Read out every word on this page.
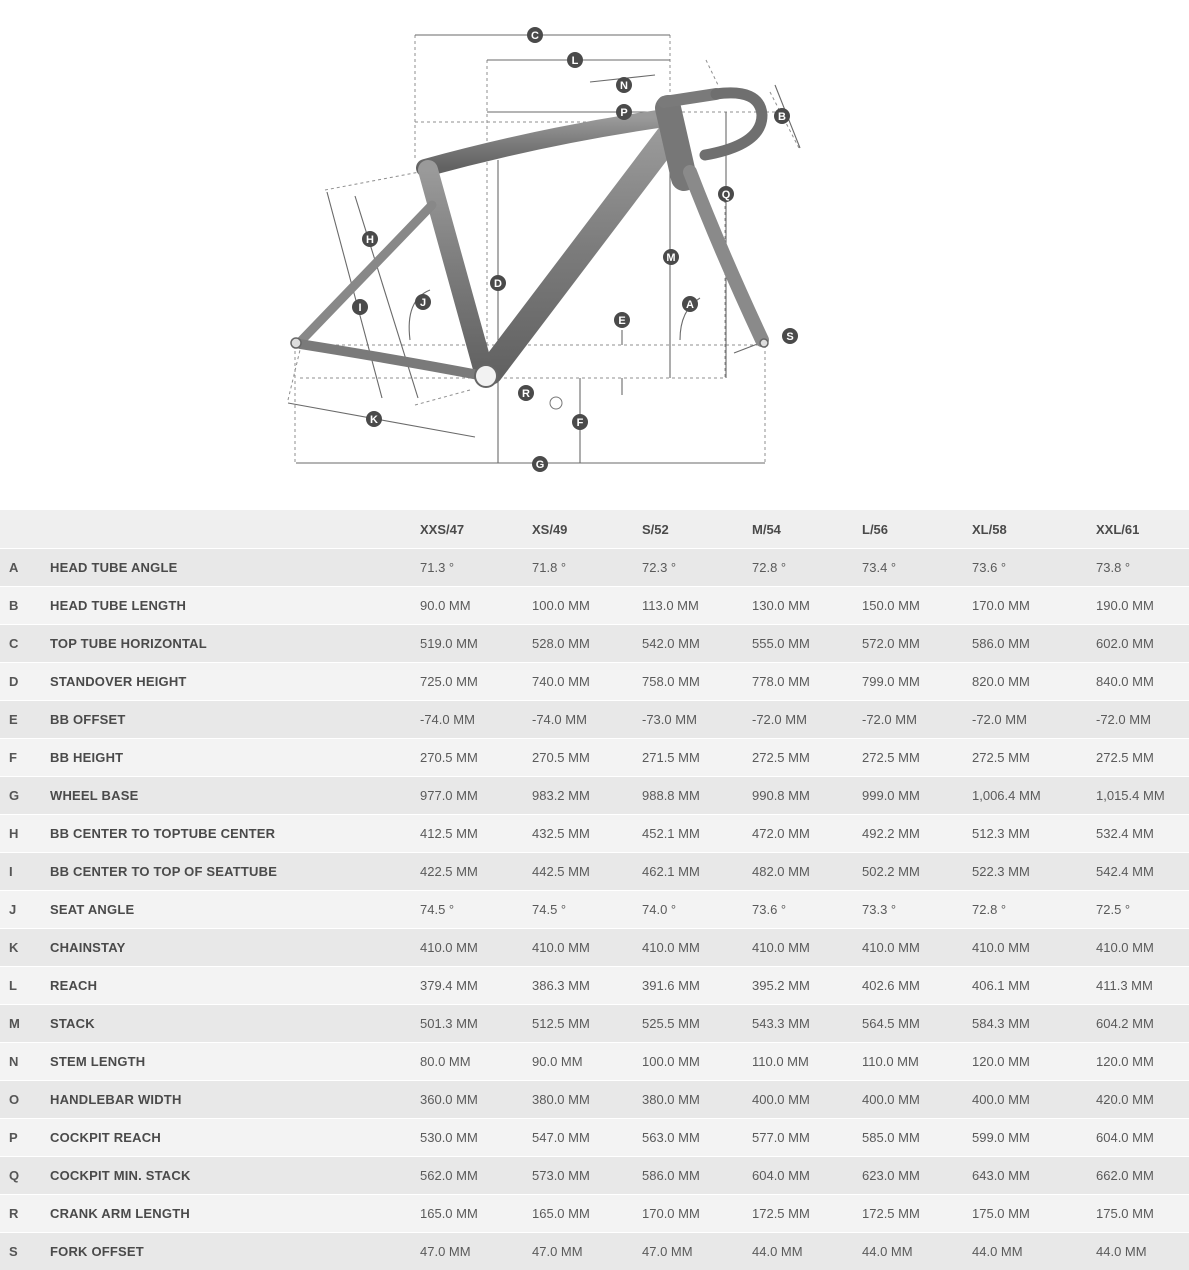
A
B
C
D
E
F
G
H
I	J
K
L
M
N
P
Q
R
S
		XXS/47	XS/49	S/52	M/54	L/56	XL/58	XXL/61
A	HEAD TUBE ANGLE	71.3 °	71.8 °	72.3 °	72.8 °	73.4 °	73.6 °	73.8 °
B	HEAD TUBE LENGTH	90.0 MM	100.0 MM	113.0 MM	130.0 MM	150.0 MM	170.0 MM	190.0 MM
C	TOP TUBE HORIZONTAL	519.0 MM	528.0 MM	542.0 MM	555.0 MM	572.0 MM	586.0 MM	602.0 MM
D	STANDOVER HEIGHT	725.0 MM	740.0 MM	758.0 MM	778.0 MM	799.0 MM	820.0 MM	840.0 MM
E	BB OFFSET	-74.0 MM	-74.0 MM	-73.0 MM	-72.0 MM	-72.0 MM	-72.0 MM	-72.0 MM
F	BB HEIGHT	270.5 MM	270.5 MM	271.5 MM	272.5 MM	272.5 MM	272.5 MM	272.5 MM
G	WHEEL BASE	977.0 MM	983.2 MM	988.8 MM	990.8 MM	999.0 MM	1,006.4 MM	1,015.4 MM
H	BB CENTER TO TOPTUBE CENTER	412.5 MM	432.5 MM	452.1 MM	472.0 MM	492.2 MM	512.3 MM	532.4 MM
I	BB CENTER TO TOP OF SEATTUBE	422.5 MM	442.5 MM	462.1 MM	482.0 MM	502.2 MM	522.3 MM	542.4 MM
J	SEAT ANGLE	74.5 °	74.5 °	74.0 °	73.6 °	73.3 °	72.8 °	72.5 °
K	CHAINSTAY	410.0 MM	410.0 MM	410.0 MM	410.0 MM	410.0 MM	410.0 MM	410.0 MM
L	REACH	379.4 MM	386.3 MM	391.6 MM	395.2 MM	402.6 MM	406.1 MM	411.3 MM
M	STACK	501.3 MM	512.5 MM	525.5 MM	543.3 MM	564.5 MM	584.3 MM	604.2 MM
N	STEM LENGTH	80.0 MM	90.0 MM	100.0 MM	110.0 MM	110.0 MM	120.0 MM	120.0 MM
O	HANDLEBAR WIDTH	360.0 MM	380.0 MM	380.0 MM	400.0 MM	400.0 MM	400.0 MM	420.0 MM
P	COCKPIT REACH	530.0 MM	547.0 MM	563.0 MM	577.0 MM	585.0 MM	599.0 MM	604.0 MM
Q	COCKPIT MIN. STACK	562.0 MM	573.0 MM	586.0 MM	604.0 MM	623.0 MM	643.0 MM	662.0 MM
R	CRANK ARM LENGTH	165.0 MM	165.0 MM	170.0 MM	172.5 MM	172.5 MM	175.0 MM	175.0 MM
S	FORK OFFSET	47.0 MM	47.0 MM	47.0 MM	44.0 MM	44.0 MM	44.0 MM	44.0 MM
